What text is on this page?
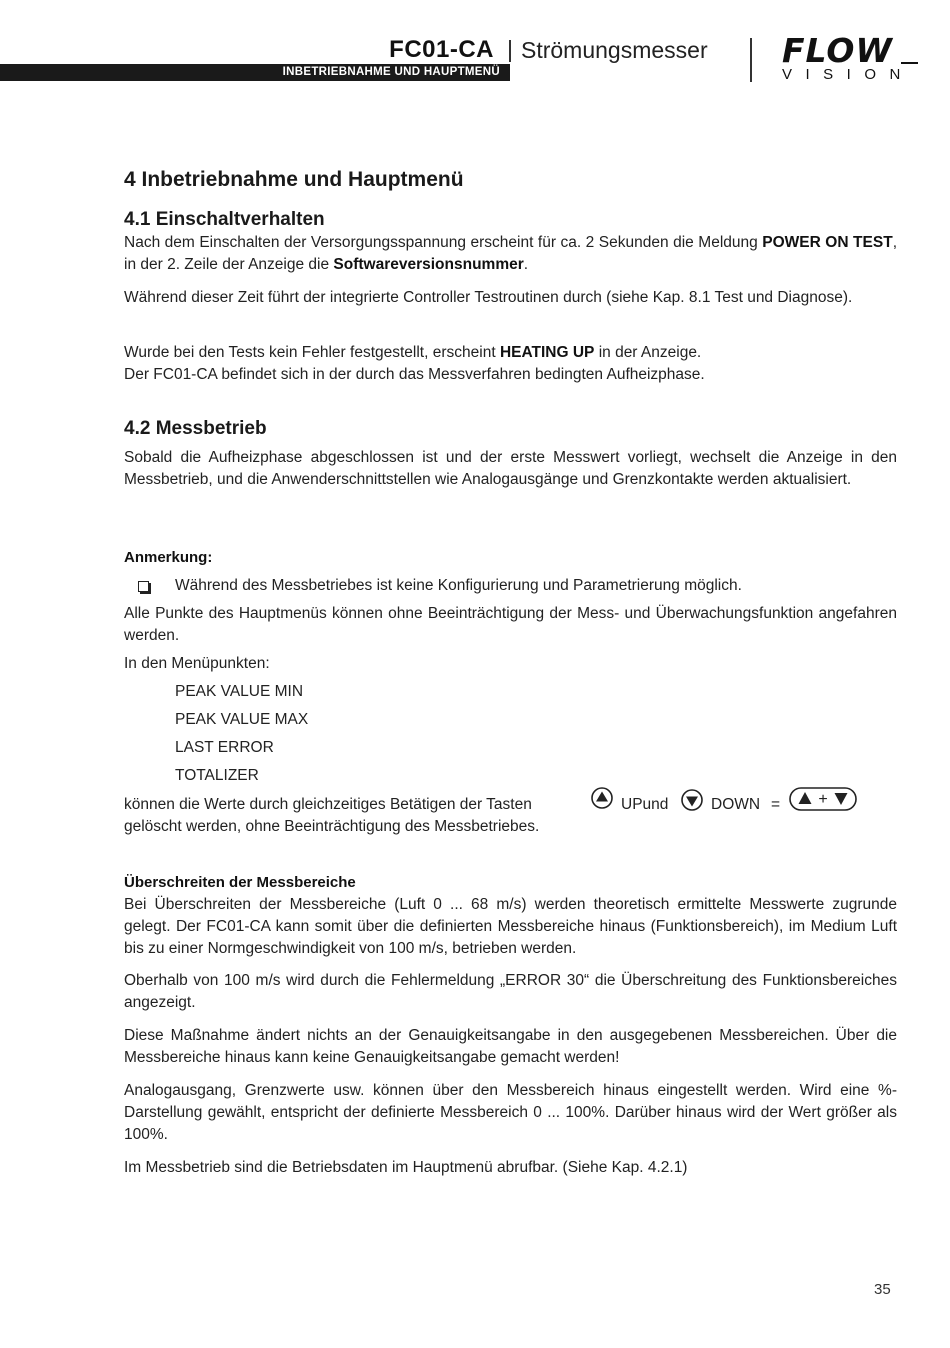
INBETRIEBNAHME UND HAUPTMENÜ
FC01-CA Strömungsmesser FLOW
VISION
4 Inbetriebnahme und Hauptmenü
4.1 Einschaltverhalten
Nach dem Einschalten der Versorgungsspannung erscheint für ca. 2 Sekunden die Meldung POWER ON TEST, in der 2. Zeile der Anzeige die Softwareversionsnummer.
Während dieser Zeit führt der integrierte Controller Testroutinen durch (siehe Kap. 8.1 Test und Diagnose).
Wurde bei den Tests kein Fehler festgestellt, erscheint HEATING UP in der Anzeige.
Der FC01-CA befindet sich in der durch das Messverfahren bedingten Aufheizphase.
4.2 Messbetrieb
Sobald die Aufheizphase abgeschlossen ist und der erste Messwert vorliegt, wechselt die Anzeige in den Messbetrieb, und die Anwenderschnittstellen wie Analogausgänge und Grenzkontakte werden aktualisiert.
Anmerkung:
Während des Messbetriebes ist keine Konfigurierung und Parametrierung möglich.
Alle Punkte des Hauptmenüs können ohne Beeinträchtigung der Mess- und Überwachungsfunktion angefahren werden.
In den Menüpunkten:
PEAK VALUE MIN
PEAK VALUE MAX
LAST ERROR
TOTALIZER
können die Werte durch gleichzeitiges Betätigen der Tasten	UPund	DOWN = +
gelöscht werden, ohne Beeinträchtigung des Messbetriebes.
Überschreiten der Messbereiche
Bei Überschreiten der Messbereiche (Luft 0 ... 68 m/s) werden theoretisch ermittelte Messwerte zugrunde gelegt. Der FC01-CA kann somit über die definierten Messbereiche hinaus (Funktionsbereich), im Medium Luft bis zu einer Normgeschwindigkeit von 100 m/s, betrieben werden.
Oberhalb von 100 m/s wird durch die Fehlermeldung „ERROR 30“ die Überschreitung des Funktionsbereiches angezeigt.
Diese Maßnahme ändert nichts an der Genauigkeitsangabe in den ausgegebenen Messbereichen. Über die Messbereiche hinaus kann keine Genauigkeitsangabe gemacht werden!
Analogausgang, Grenzwerte usw. können über den Messbereich hinaus eingestellt werden. Wird eine %-Darstellung gewählt, entspricht der definierte Messbereich 0 ... 100%. Darüber hinaus wird der Wert größer als 100%.
Im Messbetrieb sind die Betriebsdaten im Hauptmenü abrufbar. (Siehe Kap. 4.2.1)
35
